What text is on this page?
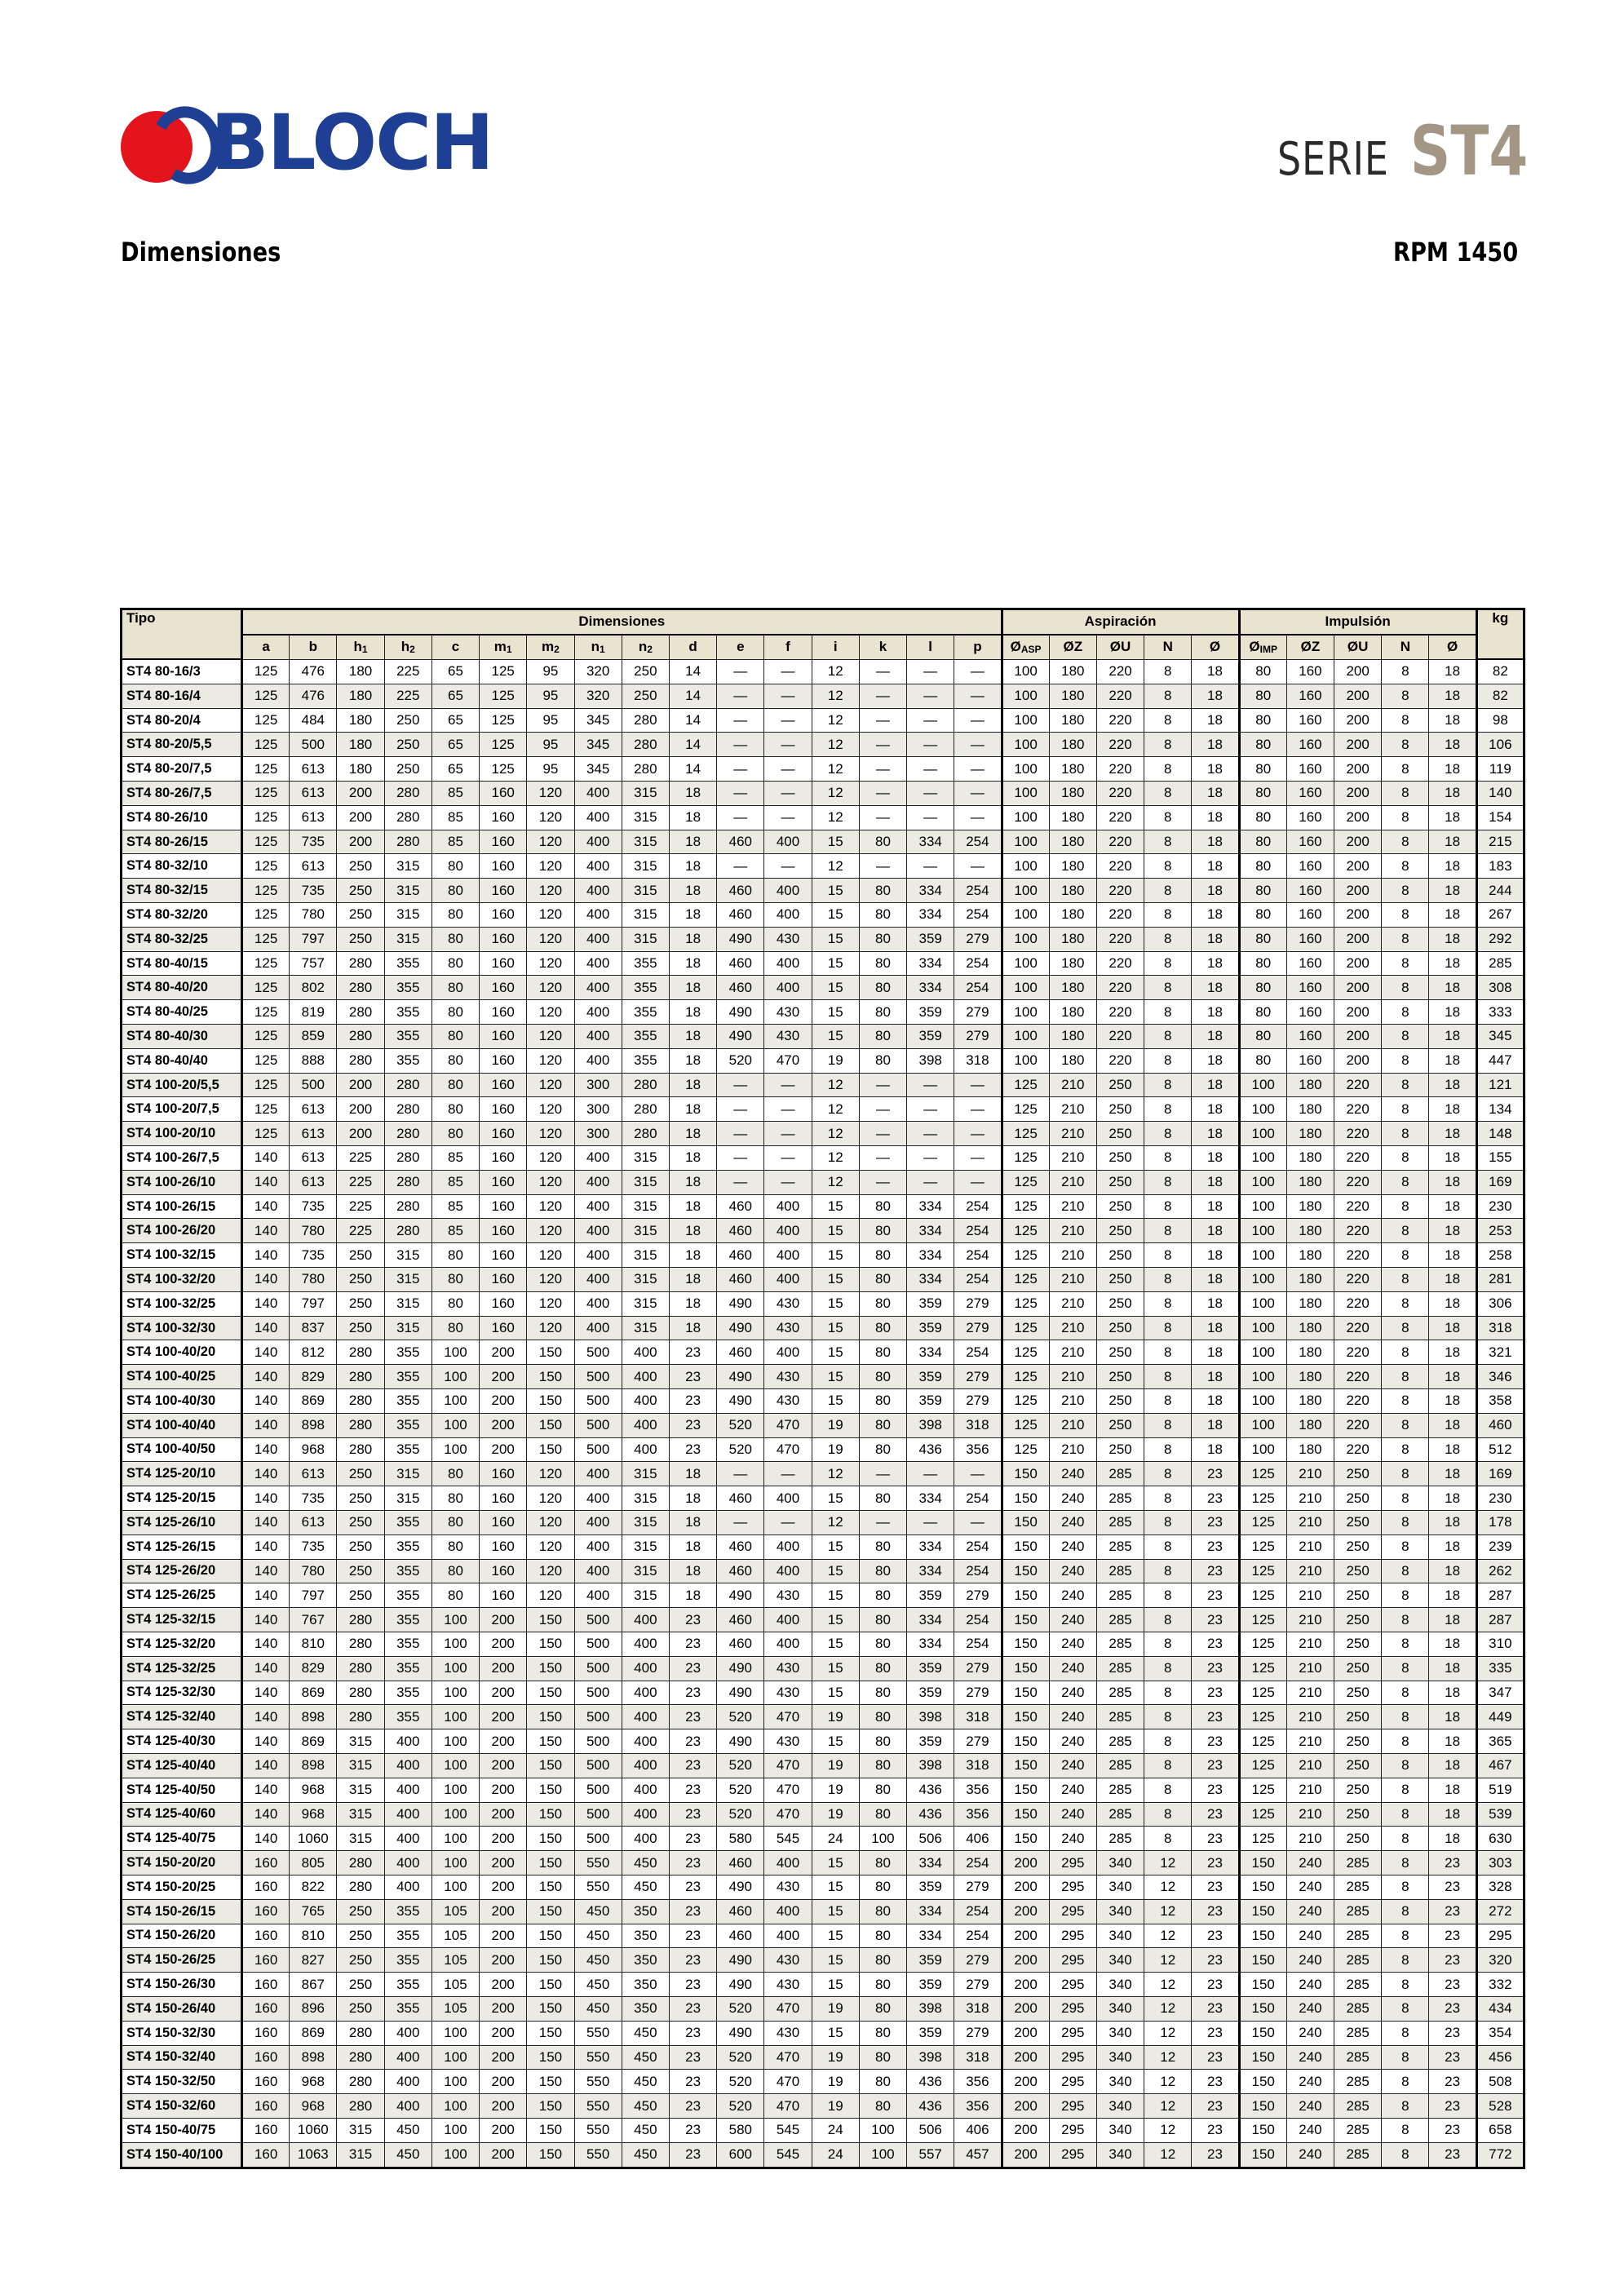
BLOCH	SERIE ST4
Dimensiones	RPM 1450
Tipo	Dimensiones																Aspiración					Impulsión					kg
	a	b	$h_1$	$h_2$	c	$m_1$	$m_2$	$n_1$	$n_2$	d	e	f	i	k	l	p	$Ø_{ASP}$	ØZ	ØU	N	Ø	$Ø_{IMP}$	ØZ	ØU	N	Ø	
ST4 80-16/3	125	476	180	225	65	125	95	320	250	14	—	—	12	—	—	—	100	180	220	8	18	80	160	200	8	18	82
ST4 80-16/4	125	476	180	225	65	125	95	320	250	14	—	—	12	—	—	—	100	180	220	8	18	80	160	200	8	18	82
ST4 80-20/4	125	484	180	250	65	125	95	345	280	14	—	—	12	—	—	—	100	180	220	8	18	80	160	200	8	18	98
ST4 80-20/5,5	125	500	180	250	65	125	95	345	280	14	—	—	12	—	—	—	100	180	220	8	18	80	160	200	8	18	106
ST4 80-20/7,5	125	613	180	250	65	125	95	345	280	14	—	—	12	—	—	—	100	180	220	8	18	80	160	200	8	18	119
ST4 80-26/7,5	125	613	200	280	85	160	120	400	315	18	—	—	12	—	—	—	100	180	220	8	18	80	160	200	8	18	140
ST4 80-26/10	125	613	200	280	85	160	120	400	315	18	—	—	12	—	—	—	100	180	220	8	18	80	160	200	8	18	154
ST4 80-26/15	125	735	200	280	85	160	120	400	315	18	460	400	15	80	334	254	100	180	220	8	18	80	160	200	8	18	215
ST4 80-32/10	125	613	250	315	80	160	120	400	315	18	—	—	12	—	—	—	100	180	220	8	18	80	160	200	8	18	183
ST4 80-32/15	125	735	250	315	80	160	120	400	315	18	460	400	15	80	334	254	100	180	220	8	18	80	160	200	8	18	244
ST4 80-32/20	125	780	250	315	80	160	120	400	315	18	460	400	15	80	334	254	100	180	220	8	18	80	160	200	8	18	267
ST4 80-32/25	125	797	250	315	80	160	120	400	315	18	490	430	15	80	359	279	100	180	220	8	18	80	160	200	8	18	292
ST4 80-40/15	125	757	280	355	80	160	120	400	355	18	460	400	15	80	334	254	100	180	220	8	18	80	160	200	8	18	285
ST4 80-40/20	125	802	280	355	80	160	120	400	355	18	460	400	15	80	334	254	100	180	220	8	18	80	160	200	8	18	308
ST4 80-40/25	125	819	280	355	80	160	120	400	355	18	490	430	15	80	359	279	100	180	220	8	18	80	160	200	8	18	333
ST4 80-40/30	125	859	280	355	80	160	120	400	355	18	490	430	15	80	359	279	100	180	220	8	18	80	160	200	8	18	345
ST4 80-40/40	125	888	280	355	80	160	120	400	355	18	520	470	19	80	398	318	100	180	220	8	18	80	160	200	8	18	447
ST4 100-20/5,5	125	500	200	280	80	160	120	300	280	18	—	—	12	—	—	—	125	210	250	8	18	100	180	220	8	18	121
ST4 100-20/7,5	125	613	200	280	80	160	120	300	280	18	—	—	12	—	—	—	125	210	250	8	18	100	180	220	8	18	134
ST4 100-20/10	125	613	200	280	80	160	120	300	280	18	—	—	12	—	—	—	125	210	250	8	18	100	180	220	8	18	148
ST4 100-26/7,5	140	613	225	280	85	160	120	400	315	18	—	—	12	—	—	—	125	210	250	8	18	100	180	220	8	18	155
ST4 100-26/10	140	613	225	280	85	160	120	400	315	18	—	—	12	—	—	—	125	210	250	8	18	100	180	220	8	18	169
ST4 100-26/15	140	735	225	280	85	160	120	400	315	18	460	400	15	80	334	254	125	210	250	8	18	100	180	220	8	18	230
ST4 100-26/20	140	780	225	280	85	160	120	400	315	18	460	400	15	80	334	254	125	210	250	8	18	100	180	220	8	18	253
ST4 100-32/15	140	735	250	315	80	160	120	400	315	18	460	400	15	80	334	254	125	210	250	8	18	100	180	220	8	18	258
ST4 100-32/20	140	780	250	315	80	160	120	400	315	18	460	400	15	80	334	254	125	210	250	8	18	100	180	220	8	18	281
ST4 100-32/25	140	797	250	315	80	160	120	400	315	18	490	430	15	80	359	279	125	210	250	8	18	100	180	220	8	18	306
ST4 100-32/30	140	837	250	315	80	160	120	400	315	18	490	430	15	80	359	279	125	210	250	8	18	100	180	220	8	18	318
ST4 100-40/20	140	812	280	355	100	200	150	500	400	23	460	400	15	80	334	254	125	210	250	8	18	100	180	220	8	18	321
ST4 100-40/25	140	829	280	355	100	200	150	500	400	23	490	430	15	80	359	279	125	210	250	8	18	100	180	220	8	18	346
ST4 100-40/30	140	869	280	355	100	200	150	500	400	23	490	430	15	80	359	279	125	210	250	8	18	100	180	220	8	18	358
ST4 100-40/40	140	898	280	355	100	200	150	500	400	23	520	470	19	80	398	318	125	210	250	8	18	100	180	220	8	18	460
ST4 100-40/50	140	968	280	355	100	200	150	500	400	23	520	470	19	80	436	356	125	210	250	8	18	100	180	220	8	18	512
ST4 125-20/10	140	613	250	315	80	160	120	400	315	18	—	—	12	—	—	—	150	240	285	8	23	125	210	250	8	18	169
ST4 125-20/15	140	735	250	315	80	160	120	400	315	18	460	400	15	80	334	254	150	240	285	8	23	125	210	250	8	18	230
ST4 125-26/10	140	613	250	355	80	160	120	400	315	18	—	—	12	—	—	—	150	240	285	8	23	125	210	250	8	18	178
ST4 125-26/15	140	735	250	355	80	160	120	400	315	18	460	400	15	80	334	254	150	240	285	8	23	125	210	250	8	18	239
ST4 125-26/20	140	780	250	355	80	160	120	400	315	18	460	400	15	80	334	254	150	240	285	8	23	125	210	250	8	18	262
ST4 125-26/25	140	797	250	355	80	160	120	400	315	18	490	430	15	80	359	279	150	240	285	8	23	125	210	250	8	18	287
ST4 125-32/15	140	767	280	355	100	200	150	500	400	23	460	400	15	80	334	254	150	240	285	8	23	125	210	250	8	18	287
ST4 125-32/20	140	810	280	355	100	200	150	500	400	23	460	400	15	80	334	254	150	240	285	8	23	125	210	250	8	18	310
ST4 125-32/25	140	829	280	355	100	200	150	500	400	23	490	430	15	80	359	279	150	240	285	8	23	125	210	250	8	18	335
ST4 125-32/30	140	869	280	355	100	200	150	500	400	23	490	430	15	80	359	279	150	240	285	8	23	125	210	250	8	18	347
ST4 125-32/40	140	898	280	355	100	200	150	500	400	23	520	470	19	80	398	318	150	240	285	8	23	125	210	250	8	18	449
ST4 125-40/30	140	869	315	400	100	200	150	500	400	23	490	430	15	80	359	279	150	240	285	8	23	125	210	250	8	18	365
ST4 125-40/40	140	898	315	400	100	200	150	500	400	23	520	470	19	80	398	318	150	240	285	8	23	125	210	250	8	18	467
ST4 125-40/50	140	968	315	400	100	200	150	500	400	23	520	470	19	80	436	356	150	240	285	8	23	125	210	250	8	18	519
ST4 125-40/60	140	968	315	400	100	200	150	500	400	23	520	470	19	80	436	356	150	240	285	8	23	125	210	250	8	18	539
ST4 125-40/75	140	1060	315	400	100	200	150	500	400	23	580	545	24	100	506	406	150	240	285	8	23	125	210	250	8	18	630
ST4 150-20/20	160	805	280	400	100	200	150	550	450	23	460	400	15	80	334	254	200	295	340	12	23	150	240	285	8	23	303
ST4 150-20/25	160	822	280	400	100	200	150	550	450	23	490	430	15	80	359	279	200	295	340	12	23	150	240	285	8	23	328
ST4 150-26/15	160	765	250	355	105	200	150	450	350	23	460	400	15	80	334	254	200	295	340	12	23	150	240	285	8	23	272
ST4 150-26/20	160	810	250	355	105	200	150	450	350	23	460	400	15	80	334	254	200	295	340	12	23	150	240	285	8	23	295
ST4 150-26/25	160	827	250	355	105	200	150	450	350	23	490	430	15	80	359	279	200	295	340	12	23	150	240	285	8	23	320
ST4 150-26/30	160	867	250	355	105	200	150	450	350	23	490	430	15	80	359	279	200	295	340	12	23	150	240	285	8	23	332
ST4 150-26/40	160	896	250	355	105	200	150	450	350	23	520	470	19	80	398	318	200	295	340	12	23	150	240	285	8	23	434
ST4 150-32/30	160	869	280	400	100	200	150	550	450	23	490	430	15	80	359	279	200	295	340	12	23	150	240	285	8	23	354
ST4 150-32/40	160	898	280	400	100	200	150	550	450	23	520	470	19	80	398	318	200	295	340	12	23	150	240	285	8	23	456
ST4 150-32/50	160	968	280	400	100	200	150	550	450	23	520	470	19	80	436	356	200	295	340	12	23	150	240	285	8	23	508
ST4 150-32/60	160	968	280	400	100	200	150	550	450	23	520	470	19	80	436	356	200	295	340	12	23	150	240	285	8	23	528
ST4 150-40/75	160	1060	315	450	100	200	150	550	450	23	580	545	24	100	506	406	200	295	340	12	23	150	240	285	8	23	658
ST4 150-40/100	160	1063	315	450	100	200	150	550	450	23	600	545	24	100	557	457	200	295	340	12	23	150	240	285	8	23	772
